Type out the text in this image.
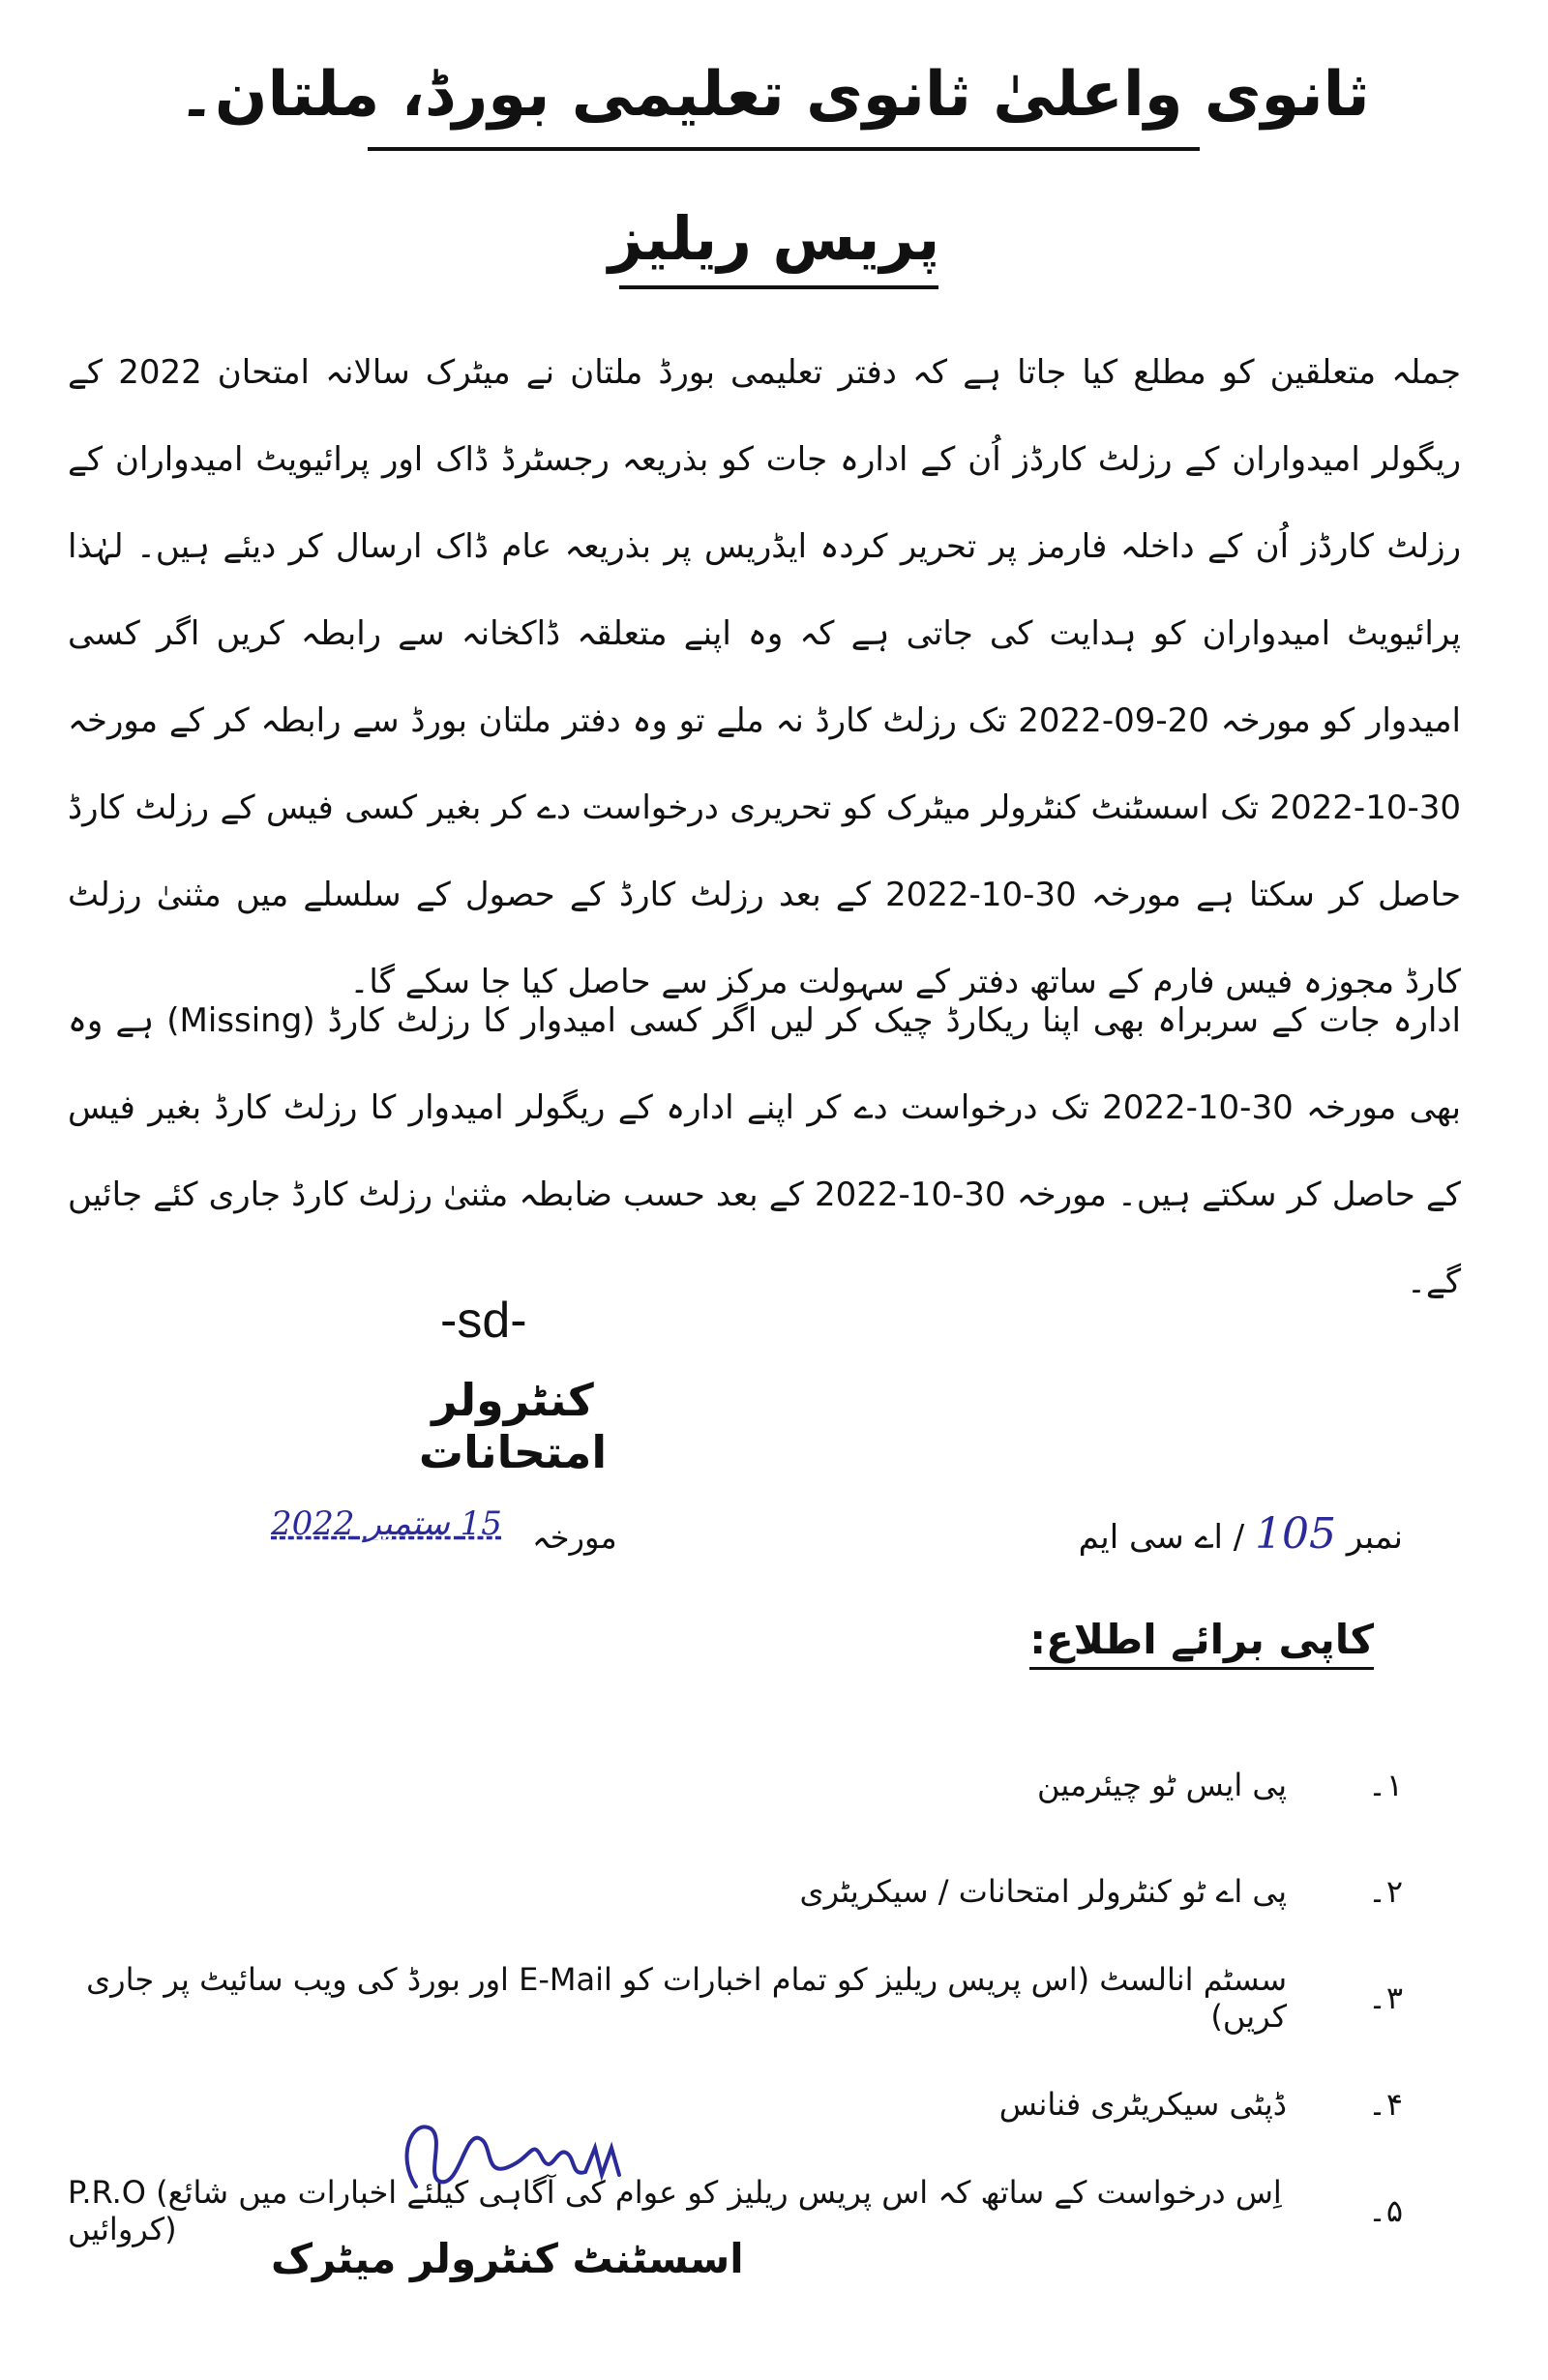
ثانوی واعلیٰ ثانوی تعلیمی بورڈ، ملتان۔
پریس ریلیز
جملہ متعلقین کو مطلع کیا جاتا ہے کہ دفتر تعلیمی بورڈ ملتان نے میٹرک سالانہ امتحان 2022 کے ریگولر امیدواران کے رزلٹ کارڈز اُن کے ادارہ جات کو بذریعہ رجسٹرڈ ڈاک اور پرائیویٹ امیدواران کے رزلٹ کارڈز اُن کے داخلہ فارمز پر تحریر کردہ ایڈریس پر بذریعہ عام ڈاک ارسال کر دیئے ہیں۔ لہٰذا پرائیویٹ امیدواران کو ہدایت کی جاتی ہے کہ وہ اپنے متعلقہ ڈاکخانہ سے رابطہ کریں اگر کسی امیدوار کو مورخہ 20-09-2022 تک رزلٹ کارڈ نہ ملے تو وہ دفتر ملتان بورڈ سے رابطہ کر کے مورخہ 30-10-2022 تک اسسٹنٹ کنٹرولر میٹرک کو تحریری درخواست دے کر بغیر کسی فیس کے رزلٹ کارڈ حاصل کر سکتا ہے مورخہ 30-10-2022 کے بعد رزلٹ کارڈ کے حصول کے سلسلے میں مثنیٰ رزلٹ کارڈ مجوزہ فیس فارم کے ساتھ دفتر کے سہولت مرکز سے حاصل کیا جا سکے گا۔
ادارہ جات کے سربراہ بھی اپنا ریکارڈ چیک کر لیں اگر کسی امیدوار کا رزلٹ کارڈ (Missing) ہے وہ بھی مورخہ 30-10-2022 تک درخواست دے کر اپنے ادارہ کے ریگولر امیدوار کا رزلٹ کارڈ بغیر فیس کے حاصل کر سکتے ہیں۔ مورخہ 30-10-2022 کے بعد حسب ضابطہ مثنیٰ رزلٹ کارڈ جاری کئے جائیں گے۔
-sd-
کنٹرولر امتحانات
15 ستمبر 2022 مورخہ	نمبر 105 / اے سی ایم
کاپی برائے اطلاع:
۱۔
پی ایس ٹو چیئرمین
۲۔
پی اے ٹو کنٹرولر امتحانات / سیکریٹری
۳۔
سسٹم انالسٹ (اس پریس ریلیز کو تمام اخبارات کو E-Mail اور بورڈ کی ویب سائیٹ پر جاری کریں)
۴۔
ڈپٹی سیکریٹری فنانس
۵۔
P.R.O (اِس درخواست کے ساتھ کہ اس پریس ریلیز کو عوام کی آگاہی کیلئے اخبارات میں شائع کروائیں)
اسسٹنٹ کنٹرولر میٹرک
